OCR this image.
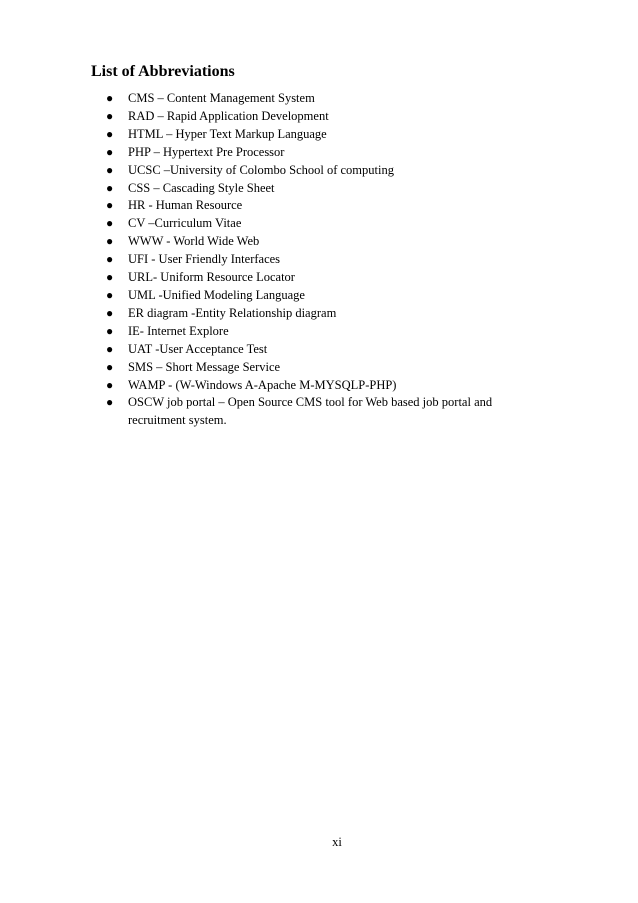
List of Abbreviations
● CMS – Content Management System
● RAD – Rapid Application Development
● HTML – Hyper Text Markup Language
● PHP – Hypertext Pre Processor
● UCSC –University of Colombo School of computing
● CSS – Cascading Style Sheet
● HR - Human Resource
● CV –Curriculum Vitae
● WWW - World Wide Web
● UFI - User Friendly Interfaces
● URL- Uniform Resource Locator
● UML -Unified Modeling Language
● ER diagram -Entity Relationship diagram
● IE- Internet Explore
● UAT -User Acceptance Test
● SMS – Short Message Service
● WAMP - (W-Windows A-Apache M-MYSQLP-PHP)
● OSCW job portal – Open Source CMS tool for Web based job portal and recruitment system.
xi
